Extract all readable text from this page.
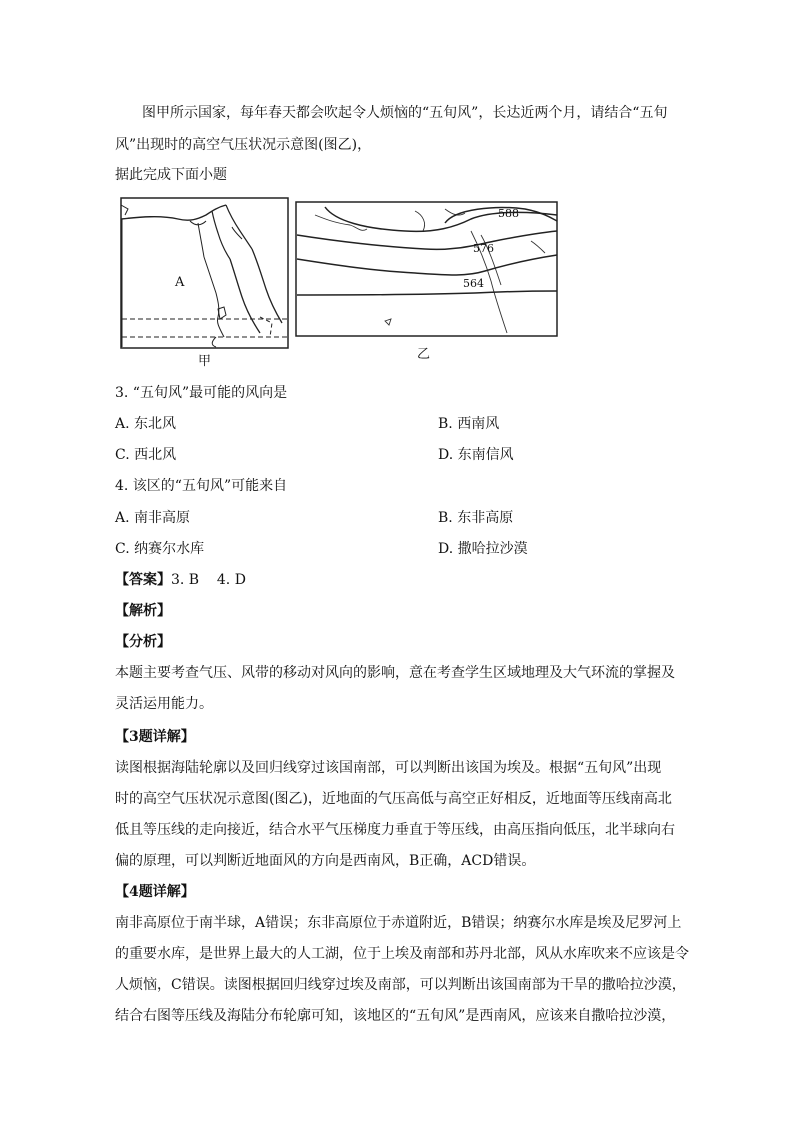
图甲所示国家，每年春天都会吹起令人烦恼的“五旬风”，长达近两个月，请结合“五旬
风”出现时的高空气压状况示意图(图乙)，
据此完成下面小题
A
甲
588
576
564
乙
3. “五旬风”最可能的风向是
A. 东北风	B. 西南风
C. 西北风	D. 东南信风
4. 该区的“五旬风”可能来自
A. 南非高原	B. 东非高原
C. 纳赛尔水库	D. 撒哈拉沙漠
【答案】3. B    4. D
【解析】
【分析】
本题主要考查气压、风带的移动对风向的影响，意在考查学生区域地理及大气环流的掌握及
灵活运用能力。
【3题详解】
读图根据海陆轮廓以及回归线穿过该国南部，可以判断出该国为埃及。根据“五旬风”出现
时的高空气压状况示意图(图乙)，近地面的气压高低与高空正好相反，近地面等压线南高北
低且等压线的走向接近，结合水平气压梯度力垂直于等压线，由高压指向低压，北半球向右
偏的原理，可以判断近地面风的方向是西南风，B正确，ACD错误。
【4题详解】
南非高原位于南半球，A错误；东非高原位于赤道附近，B错误；纳赛尔水库是埃及尼罗河上
的重要水库，是世界上最大的人工湖，位于上埃及南部和苏丹北部，风从水库吹来不应该是令
人烦恼，C错误。读图根据回归线穿过埃及南部，可以判断出该国南部为干旱的撒哈拉沙漠，
结合右图等压线及海陆分布轮廓可知，该地区的“五旬风”是西南风，应该来自撒哈拉沙漠，
